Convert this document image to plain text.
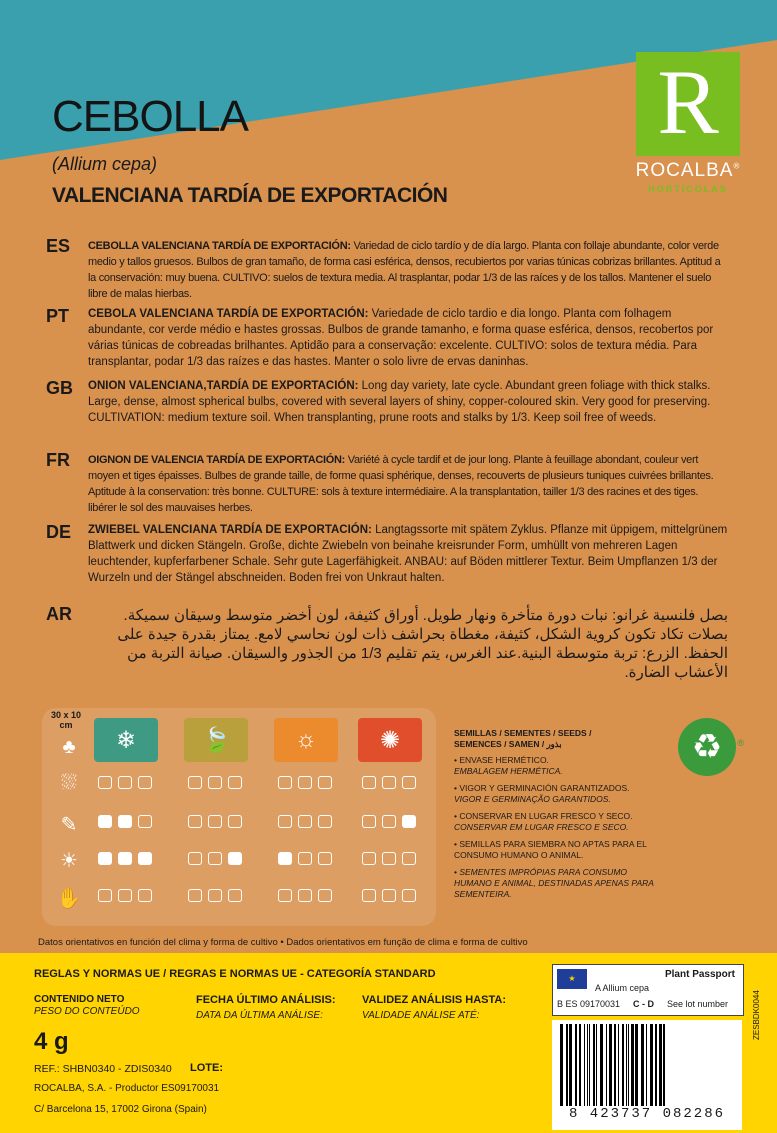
CEBOLLA
(Allium cepa)
VALENCIANA TARDÍA DE EXPORTACIÓN
R
ROCALBA®
HORTÍCOLAS
ES CEBOLLA VALENCIANA TARDÍA DE EXPORTACIÓN: Variedad de ciclo tardío y de día largo. Planta con follaje abundante, color verde medio y tallos gruesos. Bulbos de gran tamaño, de forma casi esférica, densos, recubiertos por varias túnicas cobrizas brillantes. Aptitud a la conservación: muy buena. CULTIVO: suelos de textura media. Al trasplantar, podar 1/3 de las raíces y de los tallos. Mantener el suelo libre de malas hierbas.
PT CEBOLA VALENCIANA TARDÍA DE EXPORTACIÓN: Variedade de ciclo tardio e dia longo. Planta com folhagem abundante, cor verde médio e hastes grossas. Bulbos de grande tamanho, e forma quase esférica, densos, recobertos por várias túnicas de cobreadas brilhantes. Aptidão para a conservação: excelente. CULTIVO: solos de textura média. Para transplantar, podar 1/3 das raízes e das hastes. Manter o solo livre de ervas daninhas.
GB ONION VALENCIANA,TARDÍA DE EXPORTACIÓN: Long day variety, late cycle. Abundant green foliage with thick stalks. Large, dense, almost spherical bulbs, covered with several layers of shiny, copper-coloured skin. Very good for preserving. CULTIVATION: medium texture soil. When transplanting, prune roots and stalks by 1/3. Keep soil free of weeds.
FR OIGNON DE VALENCIA TARDÍA DE EXPORTACIÓN: Variété à cycle tardif et de jour long. Plante à feuillage abondant, couleur vert moyen et tiges épaisses. Bulbes de grande taille, de forme quasi sphérique, denses, recouverts de plusieurs tuniques cuivrées brillantes. Aptitude à la conservation: très bonne. CULTURE: sols à texture intermédiaire. A la transplantation, tailler 1/3 des racines et des tiges. libérer le sol des mauvaises herbes.
DE ZWIEBEL VALENCIANA TARDÍA DE EXPORTACIÓN: Langtagssorte mit spätem Zyklus. Pflanze mit üppigem, mittelgrünem Blattwerk und dicken Stängeln. Große, dichte Zwiebeln von beinahe kreisrunder Form, umhüllt von mehreren Lagen leuchtender, kupferfarbener Schale. Sehr gute Lagerfähigkeit. ANBAU: auf Böden mittlerer Textur. Beim Umpflanzen 1/3 der Wurzeln und der Stängel abschneiden. Boden frei von Unkraut halten.
AR	بصل فلنسية غرانو: نبات دورة متأخرة ونهار طويل. أوراق كثيفة، لون أخضر متوسط وسيقان سميكة. بصلات تكاد تكون كروية الشكل، كثيفة، مغطاة بحراشف ذات لون نحاسي لامع. يمتاز بقدرة جيدة على الحفظ. الزرع: تربة متوسطة البنية.عند الغرس، يتم تقليم 1/3 من الجذور والسيقان. صيانة التربة من الأعشاب الضارة.
30 x 10 cm
♣	❄	🍃	☼	✺
⛆
✎
☀
✋
SEMILLAS / SEMENTES / SEEDS /
SEMENCES / SAMEN / بذور

• ENVASE HERMÉTICO.
EMBALAGEM HERMÉTICA.

• VIGOR Y GERMINACIÓN GARANTIZADOS.
VIGOR E GERMINAÇÃO GARANTIDOS.

• CONSERVAR EN LUGAR FRESCO Y SECO.
CONSERVAR EM LUGAR FRESCO E SECO.

• SEMILLAS PARA SIEMBRA NO APTAS PARA EL CONSUMO HUMANO O ANIMAL.

• SEMENTES IMPRÓPIAS PARA CONSUMO HUMANO E ANIMAL, DESTINADAS APENAS PARA SEMENTEIRA.

♻ ®
Datos orientativos en función del clima y forma de cultivo • Dados orientativos em função de clima e forma de cultivo
REGLAS Y NORMAS UE / REGRAS E NORMAS UE - CATEGORÍA STANDARD
CONTENIDO NETO
PESO DO CONTEÚDO
4 g
FECHA ÚLTIMO ANÁLISIS:
DATA DA ÚLTIMA ANÁLISE:
VALIDEZ ANÁLISIS HASTA:
VALIDADE ANÁLISE ATÉ:
REF.: SHBN0340 - ZDIS0340 LOTE:
ROCALBA, S.A. - Productor ES09170031
C/ Barcelona 15, 17002 Girona (Spain)
★	Plant Passport
A Allium cepa
B ES 09170031 C - D See lot number
8 423737 082286
ZESBDK0044
